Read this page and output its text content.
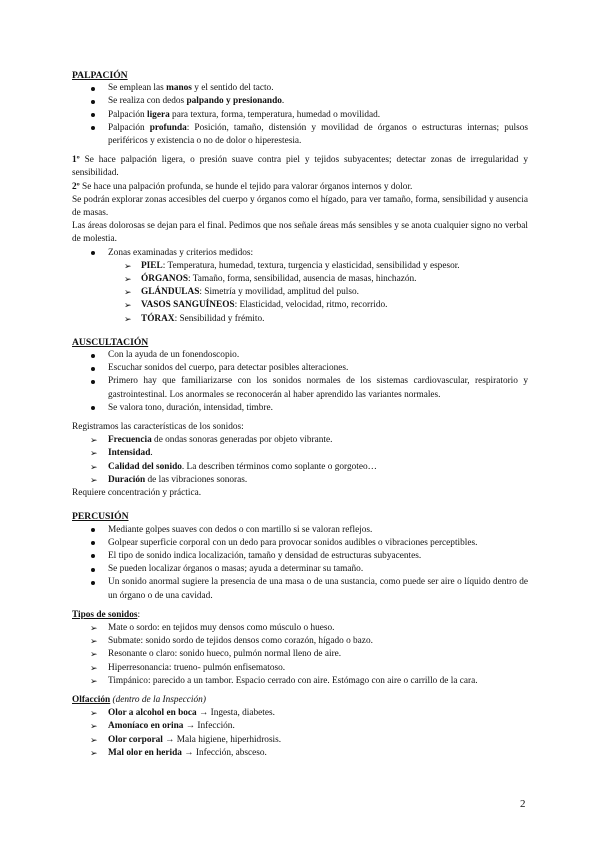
PALPACIÓN

Se emplean las manos y el sentido del tacto.
Se realiza con dedos palpando y presionando.
Palpación ligera para textura, forma, temperatura, humedad o movilidad.
Palpación profunda: Posición, tamaño, distensión y movilidad de órganos o estructuras internas; pulsos periféricos y existencia o no de dolor o hiperestesia.

1º Se hace palpación ligera, o presión suave contra piel y tejidos subyacentes; detectar zonas de irregularidad y sensibilidad.

2º Se hace una palpación profunda, se hunde el tejido para valorar órganos internos y dolor.

Se podrán explorar zonas accesibles del cuerpo y órganos como el hígado, para ver tamaño, forma, sensibilidad y ausencia de masas.

Las áreas dolorosas se dejan para el final. Pedimos que nos señale áreas más sensibles y se anota cualquier signo no verbal de molestia.

Zonas examinadas y criterios medidos:
➢ PIEL: Temperatura, humedad, textura, turgencia y elasticidad, sensibilidad y espesor.
➢ ÓRGANOS: Tamaño, forma, sensibilidad, ausencia de masas, hinchazón.
➢ GLÁNDULAS: Simetría y movilidad, amplitud del pulso.
➢ VASOS SANGUÍNEOS: Elasticidad, velocidad, ritmo, recorrido.
➢ TÓRAX: Sensibilidad y frémito.

AUSCULTACIÓN

Con la ayuda de un fonendoscopio.
Escuchar sonidos del cuerpo, para detectar posibles alteraciones.
Primero hay que familiarizarse con los sonidos normales de los sistemas cardiovascular, respiratorio y gastrointestinal. Los anormales se reconocerán al haber aprendido las variantes normales.
Se valora tono, duración, intensidad, timbre.

Registramos las características de los sonidos:

➢ Frecuencia de ondas sonoras generadas por objeto vibrante.
➢ Intensidad.
➢ Calidad del sonido. La describen términos como soplante o gorgoteo…
➢ Duración de las vibraciones sonoras.

Requiere concentración y práctica.

PERCUSIÓN

Mediante golpes suaves con dedos o con martillo si se valoran reflejos.
Golpear superficie corporal con un dedo para provocar sonidos audibles o vibraciones perceptibles.
El tipo de sonido indica localización, tamaño y densidad de estructuras subyacentes.
Se pueden localizar órganos o masas; ayuda a determinar su tamaño.
Un sonido anormal sugiere la presencia de una masa o de una sustancia, como puede ser aire o líquido dentro de un órgano o de una cavidad.

Tipos de sonidos:

➢ Mate o sordo: en tejidos muy densos como músculo o hueso.
➢ Submate: sonido sordo de tejidos densos como corazón, hígado o bazo.
➢ Resonante o claro: sonido hueco, pulmón normal lleno de aire.
➢ Hiperresonancia: trueno- pulmón enfisematoso.
➢ Timpánico: parecido a un tambor. Espacio cerrado con aire. Estómago con aire o carrillo de la cara.

Olfacción (dentro de la Inspección)

➢ Olor a alcohol en boca → Ingesta, diabetes.
➢ Amoníaco en orina → Infección.
➢ Olor corporal → Mala higiene, hiperhidrosis.
➢ Mal olor en herida → Infección, absceso.
2
